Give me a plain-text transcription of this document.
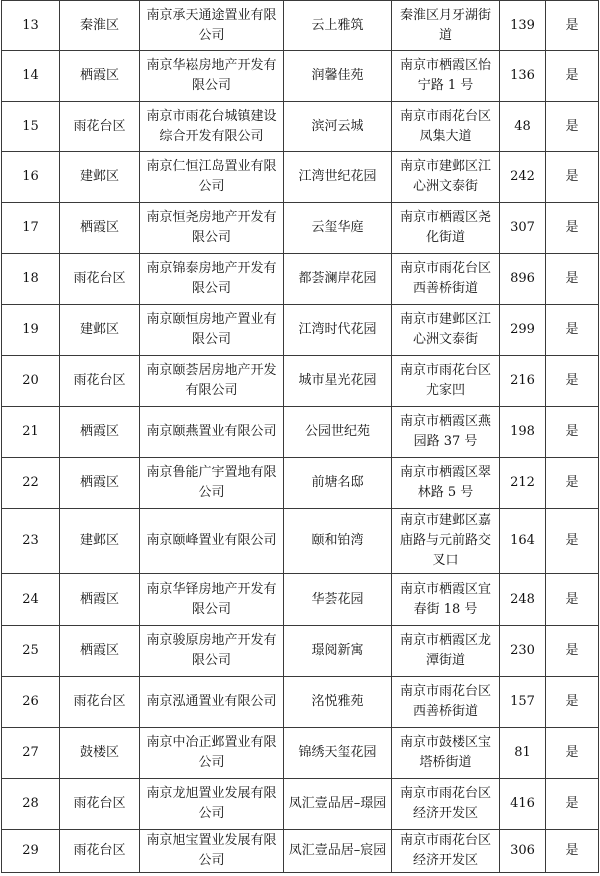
13	秦淮区	南京承天通途置业有限公司	云上雅筑	秦淮区月牙湖街道	139	是
14	栖霞区	南京华崧房地产开发有限公司	润馨佳苑	南京市栖霞区怡宁路 1 号	136	是
15	雨花台区	南京市雨花台城镇建设综合开发有限公司	滨河云城	南京市雨花台区凤集大道	48	是
16	建邺区	南京仁恒江岛置业有限公司	江湾世纪花园	南京市建邺区江心洲文泰街	242	是
17	栖霞区	南京恒尧房地产开发有限公司	云玺华庭	南京市栖霞区尧化街道	307	是
18	雨花台区	南京锦泰房地产开发有限公司	都荟澜岸花园	南京市雨花台区西善桥街道	896	是
19	建邺区	南京颐恒房地产置业有限公司	江湾时代花园	南京市建邺区江心洲文泰街	299	是
20	雨花台区	南京颐荟居房地产开发有限公司	城市星光花园	南京市雨花台区尤家凹	216	是
21	栖霞区	南京颐燕置业有限公司	公园世纪苑	南京市栖霞区燕园路 37 号	198	是
22	栖霞区	南京鲁能广宇置地有限公司	前塘名邸	南京市栖霞区翠林路 5 号	212	是
23	建邺区	南京颐峰置业有限公司	颐和铂湾	南京市建邺区嘉庙路与元前路交叉口	164	是
24	栖霞区	南京华铎房地产开发有限公司	华荟花园	南京市栖霞区宜春街 18 号	248	是
25	栖霞区	南京骏原房地产开发有限公司	璟阅新寓	南京市栖霞区龙潭街道	230	是
26	雨花台区	南京泓通置业有限公司	洺悦雅苑	南京市雨花台区西善桥街道	157	是
27	鼓楼区	南京中冶正邺置业有限公司	锦绣天玺花园	南京市鼓楼区宝塔桥街道	81	是
28	雨花台区	南京龙旭置业发展有限公司	凤汇壹品居–璟园	南京市雨花台区经济开发区	416	是
29	雨花台区	南京旭宝置业发展有限公司	凤汇壹品居–宸园	南京市雨花台区经济开发区	306	是
